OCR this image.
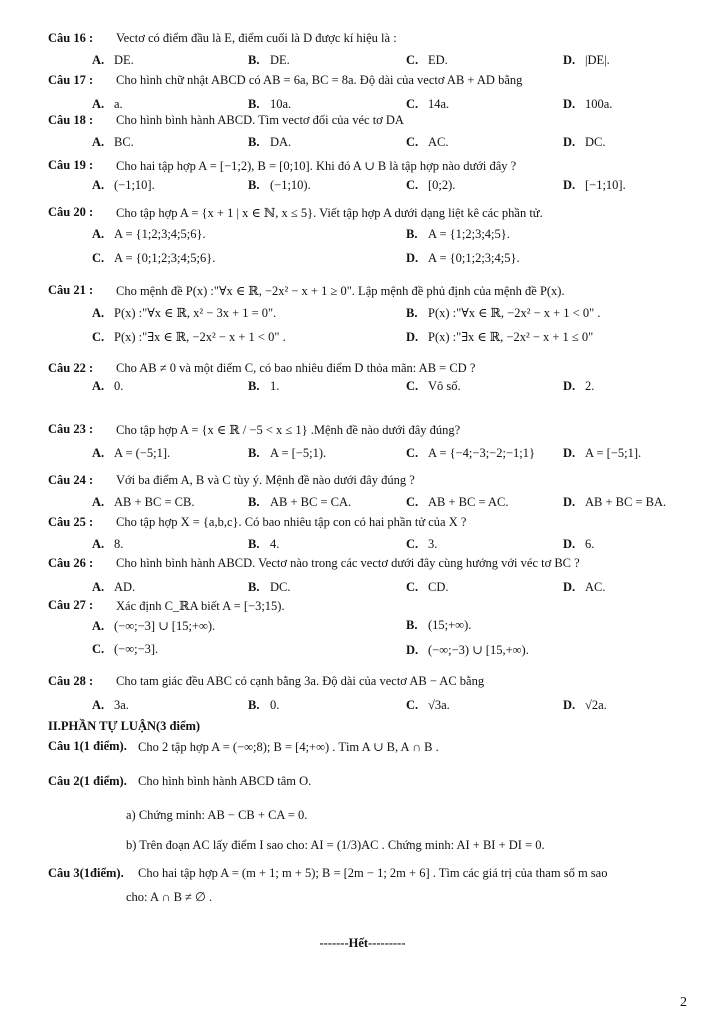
Câu 16 : Vectơ có điểm đầu là E, điểm cuối là D được kí hiệu là :
A. DE.	B. DE.	C. ED.	D. |DE|.
Câu 17 : Cho hình chữ nhật ABCD có AB = 6a, BC = 8a. Độ dài của vectơ AB + AD bằng
A. a.	B. 10a.	C. 14a.	D. 100a.
Câu 18 : Cho hình bình hành ABCD. Tìm vectơ đối của véc tơ DA
A. BC.	B. DA.	C. AC.	D. DC.
Câu 19 : Cho hai tập hợp A = [−1;2), B = [0;10]. Khi đó A ∪ B là tập hợp nào dưới đây ?
A. (−1;10].	B. (−1;10).	C. [0;2).	D. [−1;10].
Câu 20 : Cho tập hợp A = {x + 1 | x ∈ ℕ, x ≤ 5}. Viết tập hợp A dưới dạng liệt kê các phần tử.
A. A = {1;2;3;4;5;6}.	B. A = {1;2;3;4;5}.
C. A = {0;1;2;3;4;5;6}.	D. A = {0;1;2;3;4;5}.
Câu 21 : Cho mệnh đề P(x) :"∀x ∈ ℝ, −2x² − x + 1 ≥ 0". Lập mệnh đề phủ định của mệnh đề P(x).
A. P(x) :"∀x ∈ ℝ, x² − 3x + 1 = 0".	B. P(x) :"∀x ∈ ℝ, −2x² − x + 1 < 0" .
C. P(x) :"∃x ∈ ℝ, −2x² − x + 1 < 0" .	D. P(x) :"∃x ∈ ℝ, −2x² − x + 1 ≤ 0"
Câu 22 : Cho AB ≠ 0 và một điểm C, có bao nhiêu điểm D thỏa mãn: AB = CD ?
A. 0.	B. 1.	C. Vô số.	D. 2.
Câu 23 : Cho tập hợp A = {x ∈ ℝ / −5 < x ≤ 1} .Mệnh đề nào dưới đây đúng?
A. A = (−5;1].	B. A = [−5;1).	C. A = {−4;−3;−2;−1;1} D. A = [−5;1].
Câu 24 : Với ba điểm A, B và C tùy ý. Mệnh đề nào dưới đây đúng ?
A. AB + BC = CB.	B. AB + BC = CA.	C. AB + BC = AC.	D. AB + BC = BA.
Câu 25 : Cho tập hợp X = {a,b,c}. Có bao nhiêu tập con có hai phần tử của X ?
A. 8.	B. 4.	C. 3.	D. 6.
Câu 26 : Cho hình bình hành ABCD. Vectơ nào trong các vectơ dưới đây cùng hướng với véc tơ BC ?
A. AD.	B. DC.	C. CD.	D. AC.
Câu 27 : Xác định C_ℝA biết A = [−3;15).
A. (−∞;−3] ∪ [15;+∞).	B. (15;+∞).
C. (−∞;−3].	D. (−∞;−3) ∪ [15,+∞).
Câu 28 : Cho tam giác đều ABC có cạnh bằng 3a. Độ dài của vectơ AB − AC bằng
A. 3a.	B. 0.	C. √3a.	D. √2a.
II.PHẦN TỰ LUẬN(3 điểm)
Câu 1(1 điểm). Cho 2 tập hợp A = (−∞;8); B = [4;+∞) . Tìm A ∪ B, A ∩ B .
Câu 2(1 điểm). Cho hình bình hành ABCD tâm O.
a) Chứng minh: AB − CB + CA = 0.
b) Trên đoạn AC lấy điểm I sao cho: AI = (1/3)AC . Chứng minh: AI + BI + DI = 0.
Câu 3(1điểm). Cho hai tập hợp A = (m + 1; m + 5); B = [2m − 1; 2m + 6] . Tìm các giá trị của tham số m sao
cho: A ∩ B ≠ ∅ .
-------Hết---------
2
